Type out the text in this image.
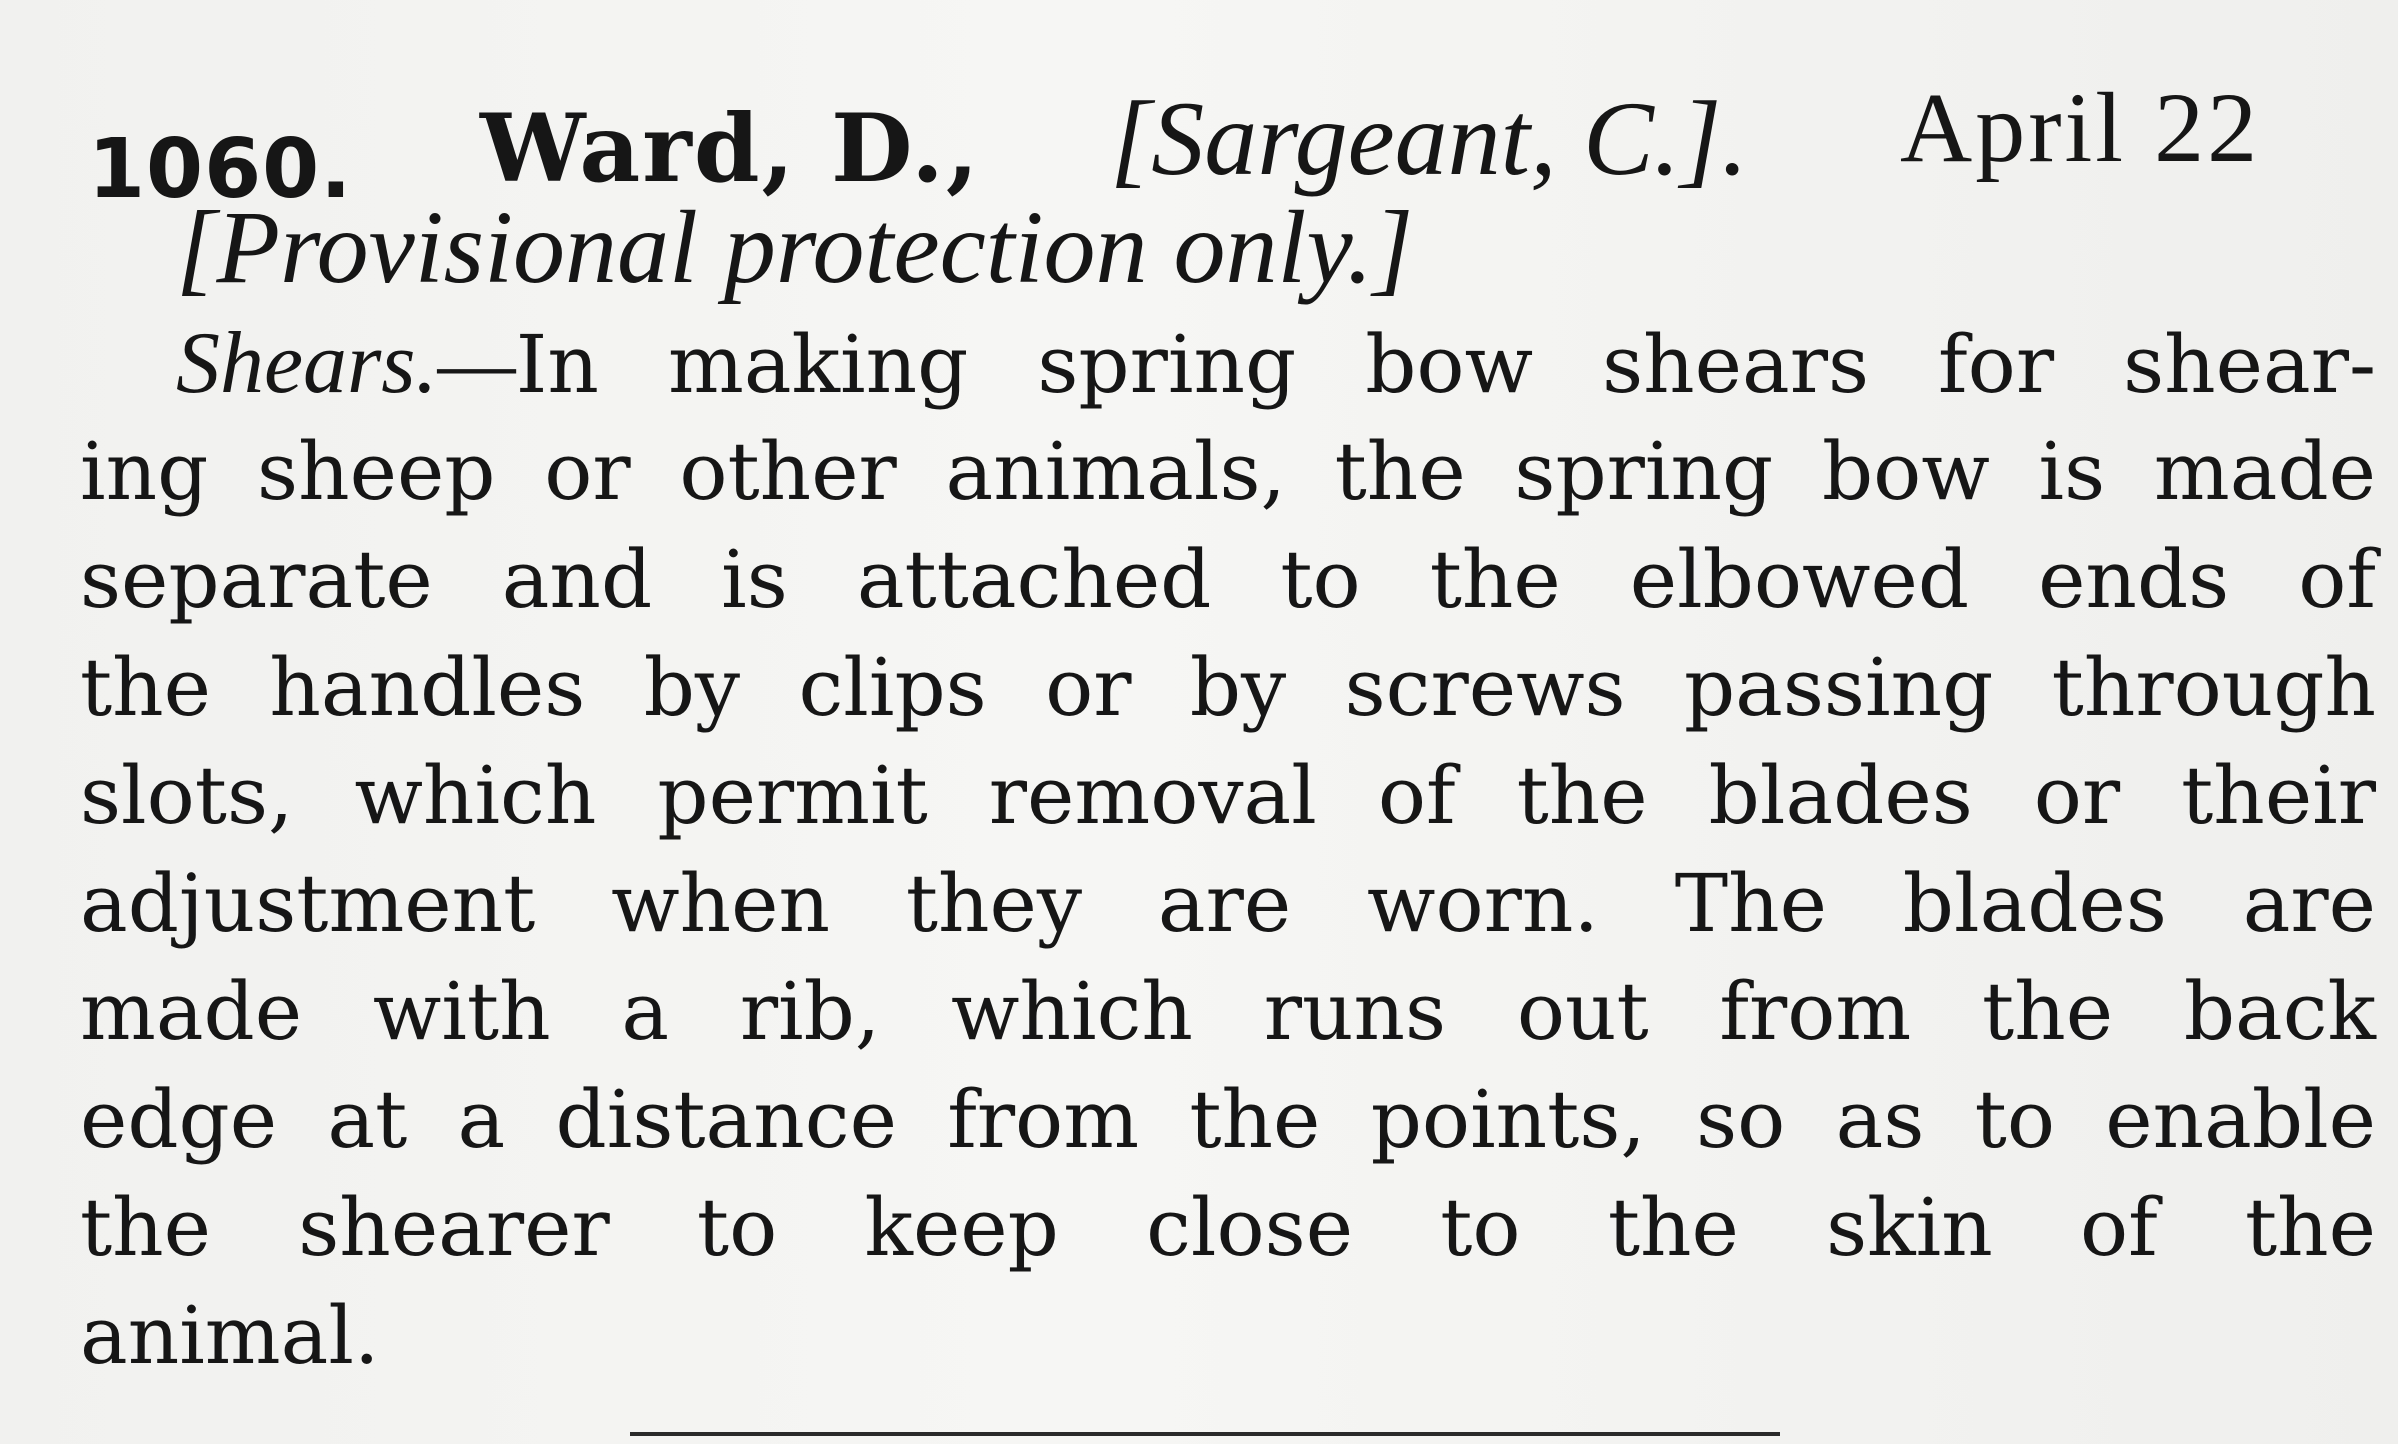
1060. Ward, D., [Sargeant, C.]. April 22
[Provisional protection only.]
Shears.—In making spring bow shears for shear-
ing sheep or other animals, the spring bow is made
separate and is attached to the elbowed ends of
the handles by clips or by screws passing through
slots, which permit removal of the blades or their
adjustment when they are worn. The blades are
made with a rib, which runs out from the back
edge at a distance from the points, so as to enable
the shearer to keep close to the skin of the
animal.
